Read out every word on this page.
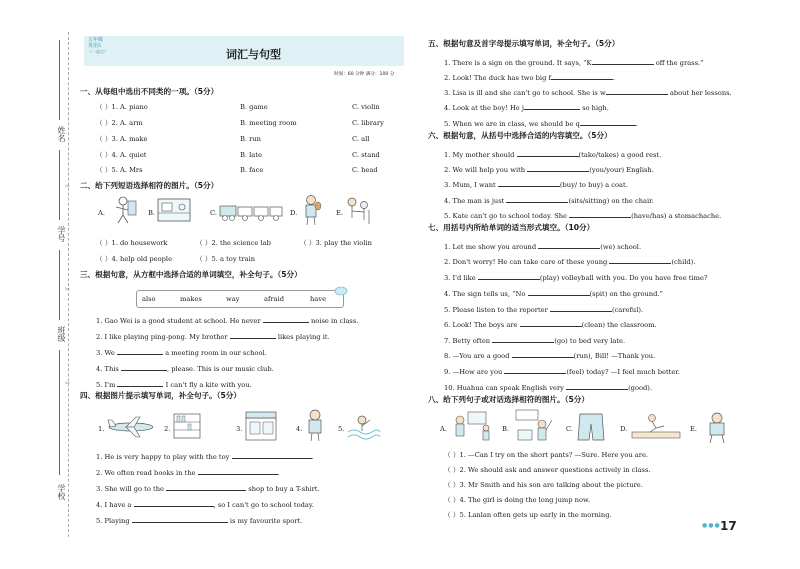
姓名
学号
班级
学校
✂
✂
✂
五年级
英语5
（一起点）	词汇与句型
时间：60 分钟 满分：100 分
一、从每组中选出不同类的一项。（5分）
（ ）1. A. piano	B. game	C. violin
（ ）2. A. arm	B. meeting room	C. library
（ ）3. A. make	B. run	C. all
（ ）4. A. quiet	B. late	C. stand
（ ）5. A. Mrs	B. face	C. head
二、给下列短语选择相符的图片。（5分）
A.	B.	C.	D.	E.
（ ）1. do housework	（ ）2. the science lab	（ ）3. play the violin
（ ）4. help old people	（ ）5. a toy train
三、根据句意，从方框中选择合适的单词填空，补全句子。（5分）
also	makes	way	afraid	have
1. Gao Wei is a good student at school. He never	noise in class.
2. I like playing ping-pong. My brother	likes playing it.
3. We	a meeting room in our school.
4. This	, please. This is our music club.
5. I'm	I can't fly a kite with you.
四、根据图片提示填写单词，补全句子。（5分）
1.	2.	3.	4.	5.
1. He is very happy to play with the toy	.
2. We often read books in the	.
3. She will go to the	shop to buy a T-shirt.
4. I have a	, so I can't go to school today.
5. Playing	is my favourite sport.
五、根据句意及首字母提示填写单词，补全句子。（5分）
1. There is a sign on the ground. It says, “K	off the grass.”
2. Look! The duck has two big f	.
3. Lisa is ill and she can't go to school. She is w	about her lessons.
4. Look at the boy! He j	so high.
5. When we are in class, we should be q	.
六、根据句意，从括号中选择合适的内容填空。（5分）
1. My mother should	(take/takes) a good rest.
2. We will help you with	(you/your) English.
3. Mum, I want	(buy/ to buy) a coat.
4. The man is just	(sits/sitting) on the chair.
5. Kate can't go to school today. She	(have/has) a stomachache.
七、用括号内所给单词的适当形式填空。（10分）
1. Let me show you around	(we) school.
2. Don't worry! He can take care of these young	(child).
3. I'd like	(play) volleyball with you. Do you have free time?
4. The sign tells us, “No	(spit) on the ground.”
5. Please listen to the reporter	(careful).
6. Look! The boys are	(clean) the classroom.
7. Betty often	(go) to bed very late.
8. —You are a good	(run), Bill! —Thank you.
9. —How are you	(feel) today? —I feel much better.
10. Huahua can speak English very	(good).
八、给下列句子或对话选择相符的图片。（5分）
A.	B.	C.	D.	E.
（ ）1. —Can I try on the short pants? —Sure. Here you are.
（ ）2. We should ask and answer questions actively in class.
（ ）3. Mr Smith and his son are talking about the picture.
（ ）4. The girl is doing the long jump now.
（ ）5. Lanlan often gets up early in the morning.
●●● 17
